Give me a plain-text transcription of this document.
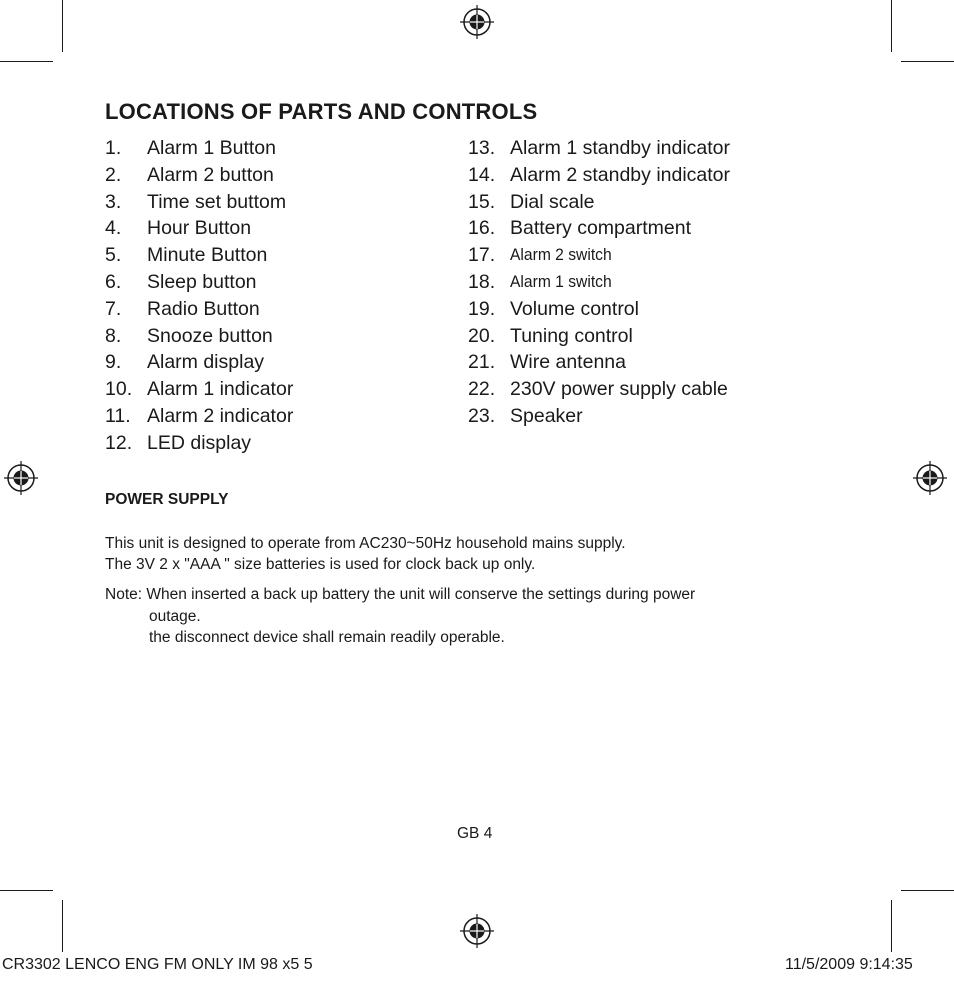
LOCATIONS OF PARTS AND CONTROLS
1. Alarm 1 Button
2. Alarm 2 button
3. Time set buttom
4. Hour Button
5. Minute Button
6. Sleep button
7. Radio Button
8. Snooze button
9. Alarm display
10. Alarm 1 indicator
11. Alarm 2 indicator
12. LED display
13. Alarm 1 standby indicator
14. Alarm 2 standby indicator
15. Dial scale
16. Battery compartment
17. Alarm 2 switch
18. Alarm 1 switch
19. Volume control
20. Tuning control
21. Wire antenna
22. 230V power supply cable
23. Speaker
POWER SUPPLY
This unit is designed to operate from AC230~50Hz household mains supply.
The 3V 2 x "AAA " size batteries is used for clock back up only.
Note: When inserted a back up battery the unit will conserve the settings during power
outage.
the disconnect device shall remain readily operable.
GB 4
CR3302 LENCO ENG FM ONLY IM 98 x5 5	11/5/2009 9:14:35
